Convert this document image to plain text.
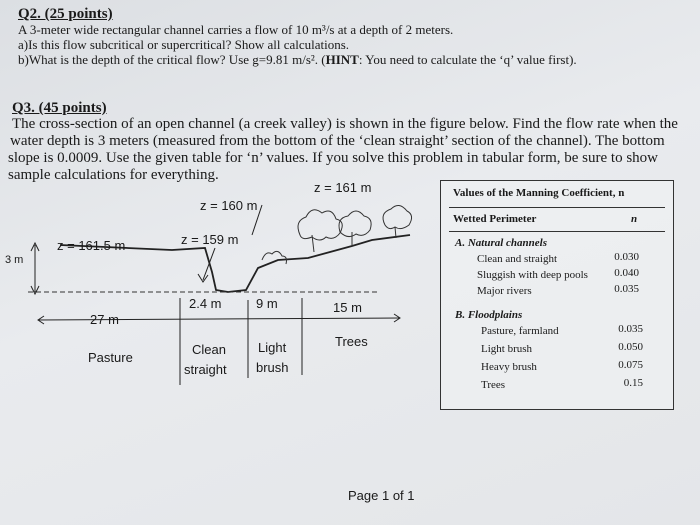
Q2. (25 points)
A 3-meter wide rectangular channel carries a flow of 10 m³/s at a depth of 2 meters.
a)Is this flow subcritical or supercritical? Show all calculations.
b)What is the depth of the critical flow? Use g=9.81 m/s². (HINT: You need to calculate the ‘q’ value first).
Q3. (45 points)
The cross-section of an open channel (a creek valley) is shown in the figure below. Find the flow rate when the
water depth is 3 meters (measured from the bottom of the ‘clean straight’ section of the channel). The bottom
slope is 0.0009. Use the given table for ‘n’ values. If you solve this problem in tabular form, be sure to show
sample calculations for everything.
z = 161 m
z = 160 m
z = 161.5 m	z = 159 m
3 m
27 m
2.4 m	9 m	15 m
Pasture
Clean
straight
Light
brush
Trees
Values of the Manning Coefficient, n
Wetted Perimeter	n
A. Natural channels
Clean and straight	0.030
Sluggish with deep pools	0.040
Major rivers	0.035
B. Floodplains
Pasture, farmland	0.035
Light brush	0.050
Heavy brush	0.075
Trees	0.15
Page 1 of 1
